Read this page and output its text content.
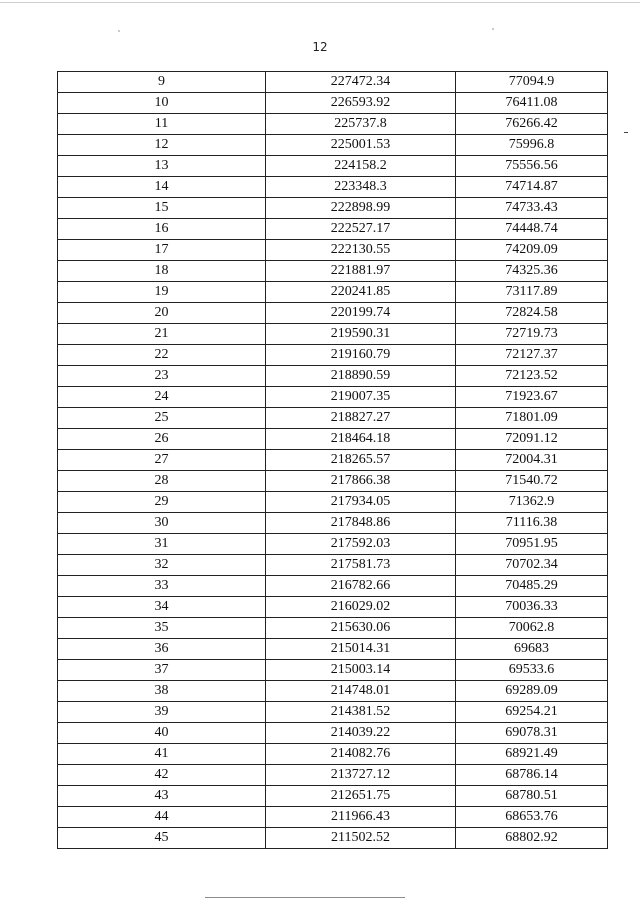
12
9	227472.34	77094.9
10	226593.92	76411.08
11	225737.8	76266.42
12	225001.53	75996.8
13	224158.2	75556.56
14	223348.3	74714.87
15	222898.99	74733.43
16	222527.17	74448.74
17	222130.55	74209.09
18	221881.97	74325.36
19	220241.85	73117.89
20	220199.74	72824.58
21	219590.31	72719.73
22	219160.79	72127.37
23	218890.59	72123.52
24	219007.35	71923.67
25	218827.27	71801.09
26	218464.18	72091.12
27	218265.57	72004.31
28	217866.38	71540.72
29	217934.05	71362.9
30	217848.86	71116.38
31	217592.03	70951.95
32	217581.73	70702.34
33	216782.66	70485.29
34	216029.02	70036.33
35	215630.06	70062.8
36	215014.31	69683
37	215003.14	69533.6
38	214748.01	69289.09
39	214381.52	69254.21
40	214039.22	69078.31
41	214082.76	68921.49
42	213727.12	68786.14
43	212651.75	68780.51
44	211966.43	68653.76
45	211502.52	68802.92
